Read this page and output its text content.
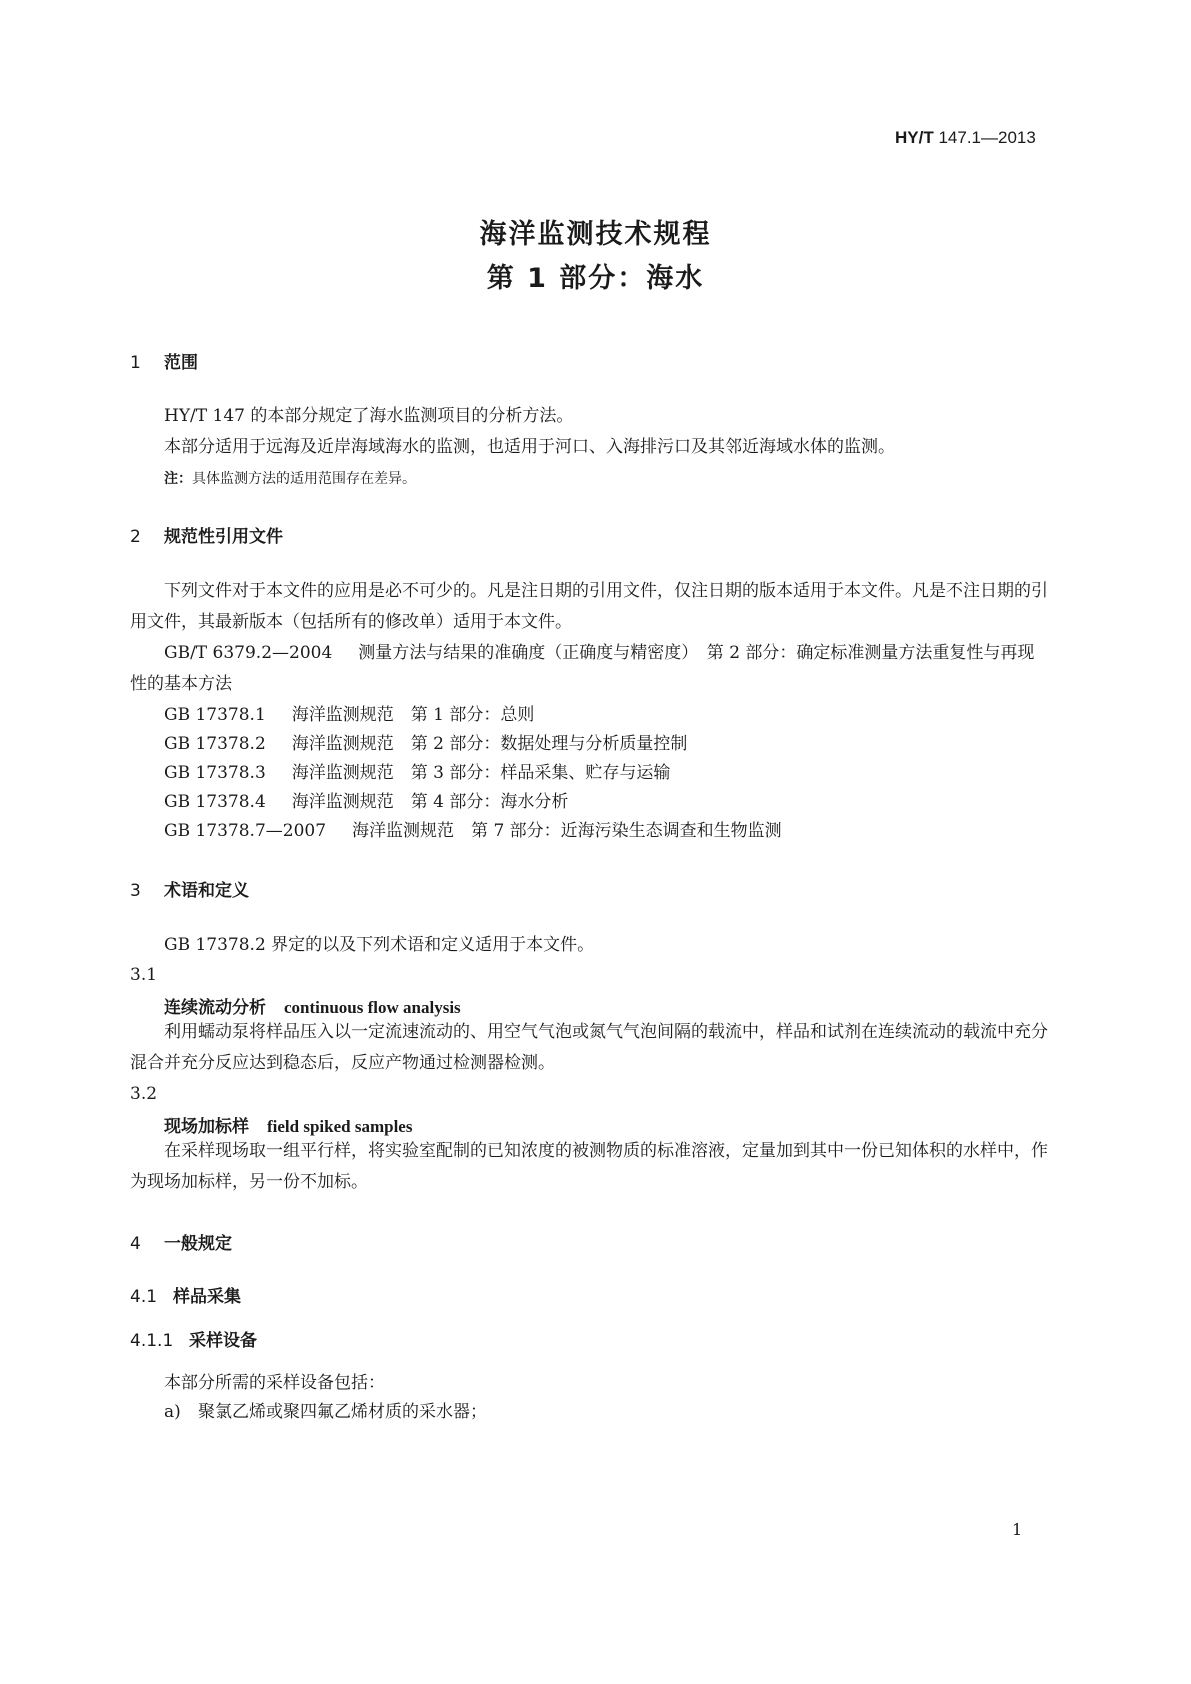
HY/T 147.1—2013
海洋监测技术规程
第 1 部分：海水
1 范围
HY/T 147 的本部分规定了海水监测项目的分析方法。
本部分适用于远海及近岸海域海水的监测，也适用于河口、入海排污口及其邻近海域水体的监测。
注：具体监测方法的适用范围存在差异。
2 规范性引用文件
下列文件对于本文件的应用是必不可少的。凡是注日期的引用文件，仅注日期的版本适用于本文件。凡是不注日期的引用文件，其最新版本（包括所有的修改单）适用于本文件。
GB/T 6379.2—2004 测量方法与结果的准确度（正确度与精密度）　第 2 部分：确定标准测量方法重复性与再现性的基本方法
GB 17378.1 海洋监测规范　第 1 部分：总则
GB 17378.2 海洋监测规范　第 2 部分：数据处理与分析质量控制
GB 17378.3 海洋监测规范　第 3 部分：样品采集、贮存与运输
GB 17378.4 海洋监测规范　第 4 部分：海水分析
GB 17378.7—2007 海洋监测规范　第 7 部分：近海污染生态调查和生物监测
3 术语和定义
GB 17378.2 界定的以及下列术语和定义适用于本文件。
3.1
连续流动分析 continuous flow analysis
利用蠕动泵将样品压入以一定流速流动的、用空气气泡或氮气气泡间隔的载流中，样品和试剂在连续流动的载流中充分混合并充分反应达到稳态后，反应产物通过检测器检测。
3.2
现场加标样 field spiked samples
在采样现场取一组平行样，将实验室配制的已知浓度的被测物质的标准溶液，定量加到其中一份已知体积的水样中，作为现场加标样，另一份不加标。
4 一般规定
4.1 样品采集
4.1.1 采样设备
本部分所需的采样设备包括：
a) 聚氯乙烯或聚四氟乙烯材质的采水器；
1
